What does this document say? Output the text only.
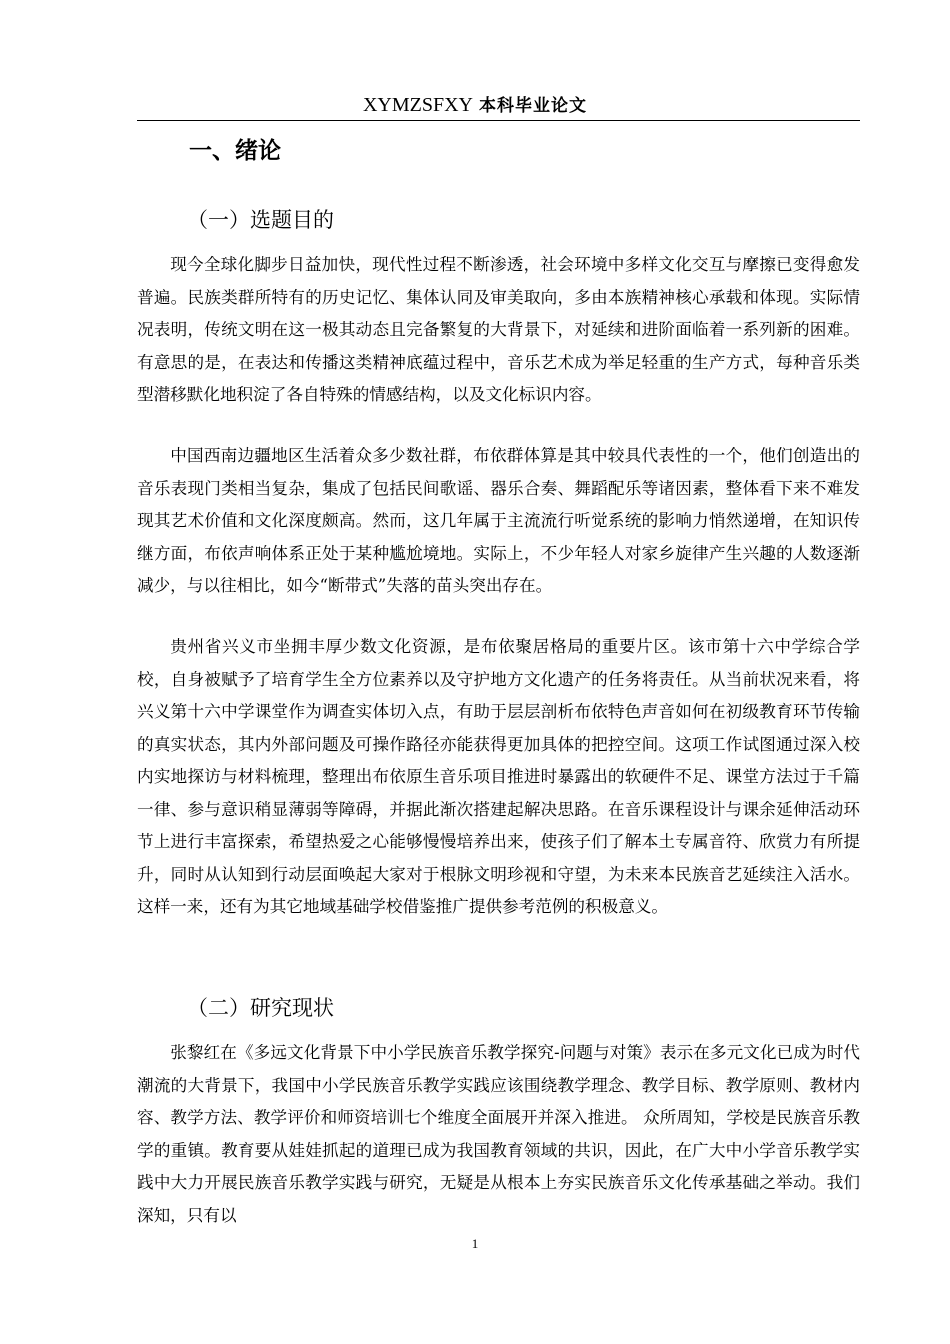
XYMZSFXY 本科毕业论文
一、绪论
（一）选题目的

现今全球化脚步日益加快，现代性过程不断渗透，社会环境中多样文化交互与摩擦已变得愈发普遍。民族类群所特有的历史记忆、集体认同及审美取向，多由本族精神核心承载和体现。实际情况表明，传统文明在这一极其动态且完备繁复的大背景下，对延续和进阶面临着一系列新的困难。有意思的是，在表达和传播这类精神底蕴过程中，音乐艺术成为举足轻重的生产方式，每种音乐类型潜移默化地积淀了各自特殊的情感结构，以及文化标识内容。

中国西南边疆地区生活着众多少数社群，布依群体算是其中较具代表性的一个，他们创造出的音乐表现门类相当复杂，集成了包括民间歌谣、器乐合奏、舞蹈配乐等诸因素，整体看下来不难发现其艺术价值和文化深度颇高。然而，这几年属于主流流行听觉系统的影响力悄然递增，在知识传继方面，布依声响体系正处于某种尴尬境地。实际上，不少年轻人对家乡旋律产生兴趣的人数逐渐减少，与以往相比，如今“断带式”失落的苗头突出存在。

贵州省兴义市坐拥丰厚少数文化资源，是布依聚居格局的重要片区。该市第十六中学综合学校，自身被赋予了培育学生全方位素养以及守护地方文化遗产的任务将责任。从当前状况来看，将兴义第十六中学课堂作为调查实体切入点，有助于层层剖析布依特色声音如何在初级教育环节传输的真实状态，其内外部问题及可操作路径亦能获得更加具体的把控空间。这项工作试图通过深入校内实地探访与材料梳理，整理出布依原生音乐项目推进时暴露出的软硬件不足、课堂方法过于千篇一律、参与意识稍显薄弱等障碍，并据此渐次搭建起解决思路。在音乐课程设计与课余延伸活动环节上进行丰富探索，希望热爱之心能够慢慢培养出来，使孩子们了解本土专属音符、欣赏力有所提升，同时从认知到行动层面唤起大家对于根脉文明珍视和守望，为未来本民族音艺延续注入活水。这样一来，还有为其它地域基础学校借鉴推广提供参考范例的积极意义。

（二）研究现状

张黎红在《多远文化背景下中小学民族音乐教学探究-问题与对策》表示在多元文化已成为时代潮流的大背景下，我国中小学民族音乐教学实践应该围绕教学理念、教学目标、教学原则、教材内容、教学方法、教学评价和师资培训七个维度全面展开并深入推进。 众所周知，学校是民族音乐教学的重镇。教育要从娃娃抓起的道理已成为我国教育领域的共识，因此，在广大中小学音乐教学实践中大力开展民族音乐教学实践与研究，无疑是从根本上夯实民族音乐文化传承基础之举动。我们深知，只有以

1
